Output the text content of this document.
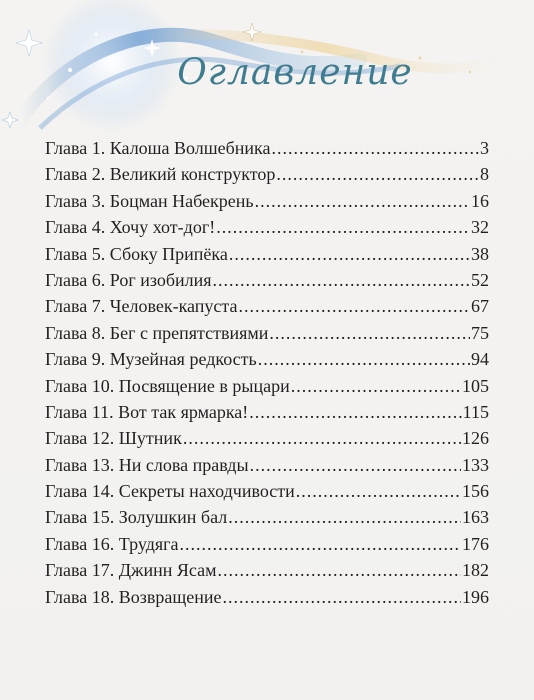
Оглавление
Глава 1. Калоша Волшебника .....	3
Глава 2. Великий конструктор .....	8
Глава 3. Боцман Набекрень .....	16
Глава 4. Хочу хот-дог! .....	32
Глава 5. Сбоку Припёка .....	38
Глава 6. Рог изобилия .....	52
Глава 7. Человек-капуста .....	67
Глава 8. Бег с препятствиями .....	75
Глава 9. Музейная редкость .....	94
Глава 10. Посвящение в рыцари .....	105
Глава 11. Вот так ярмарка! .....	115
Глава 12. Шутник .....	126
Глава 13. Ни слова правды .....	133
Глава 14. Секреты находчивости .....	156
Глава 15. Золушкин бал .....	163
Глава 16. Трудяга .....	176
Глава 17. Джинн Ясам .....	182
Глава 18. Возвращение .....	196
